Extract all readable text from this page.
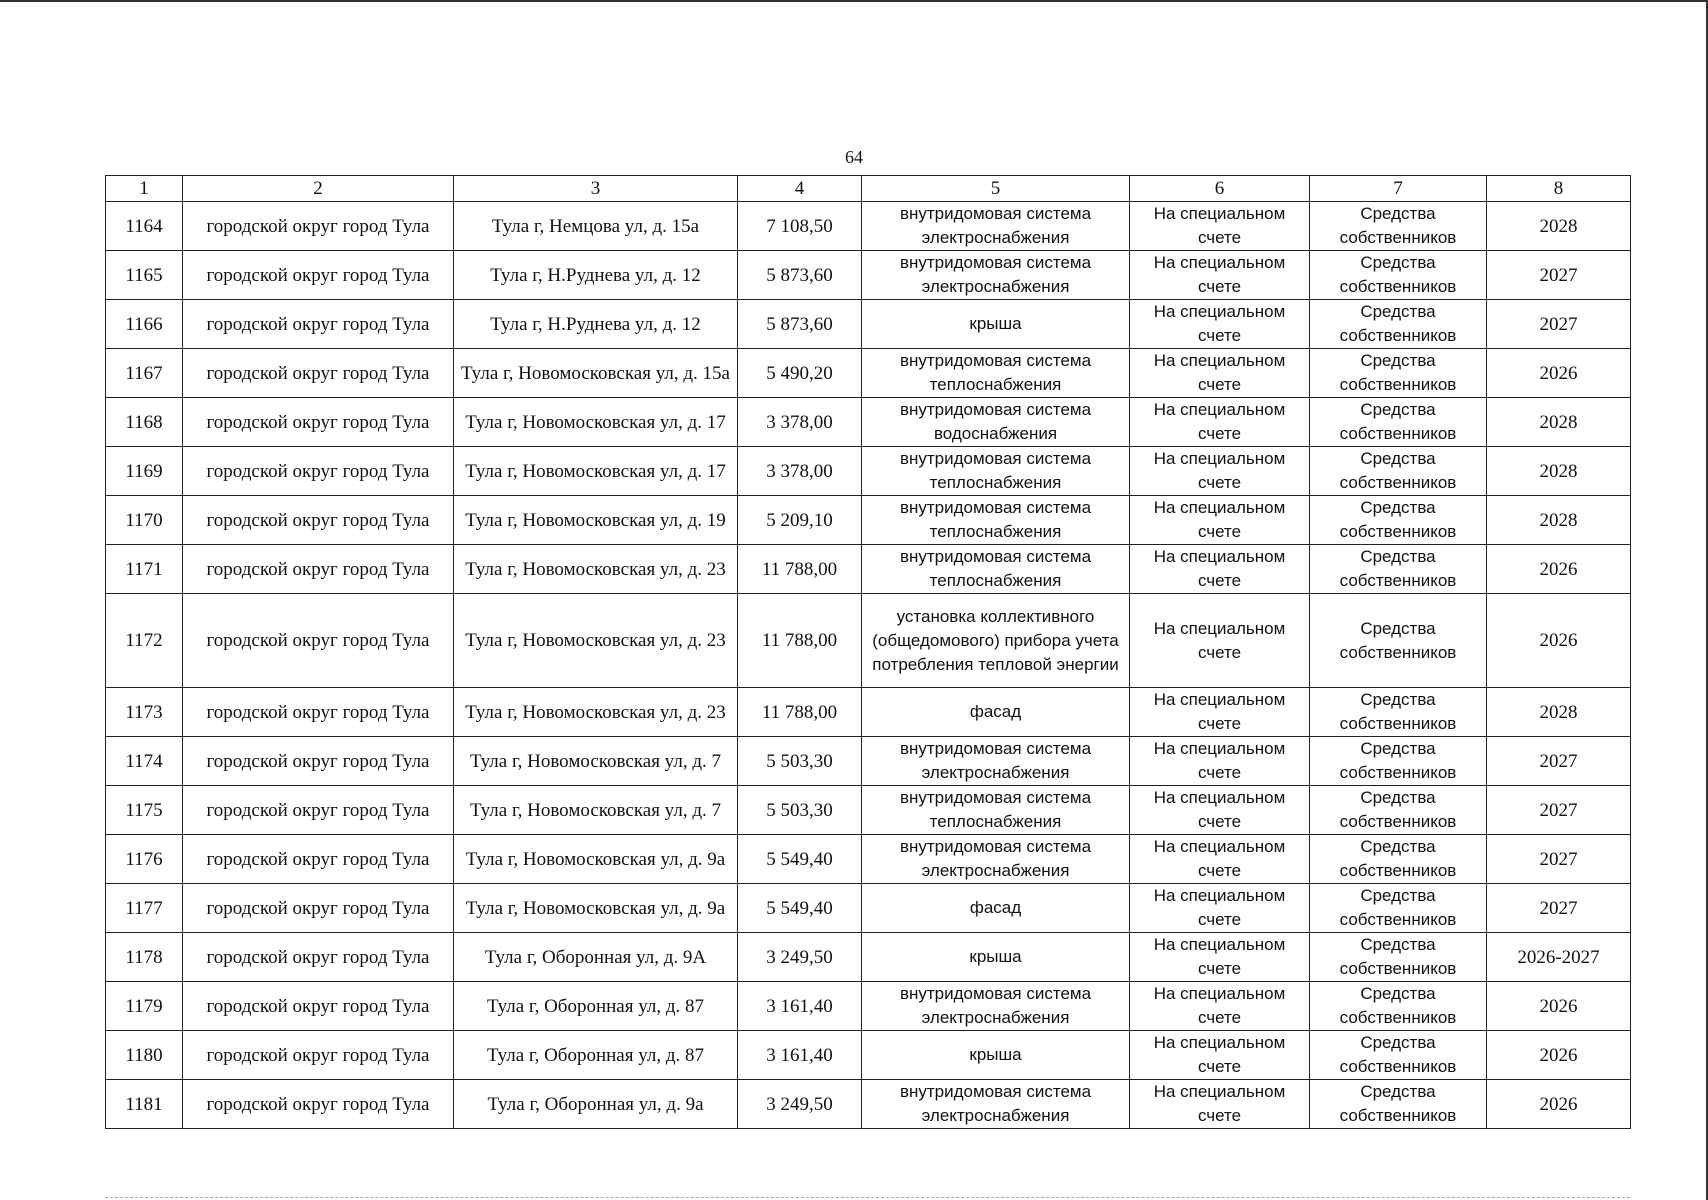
64
1	2	3	4	5	6	7	8
1164	городской округ город Тула	Тула г, Немцова ул, д. 15а	7 108,50	внутридомовая система электроснабжения	На специальном счете	Средства собственников	2028
1165	городской округ город Тула	Тула г, Н.Руднева ул, д. 12	5 873,60	внутридомовая система электроснабжения	На специальном счете	Средства собственников	2027
1166	городской округ город Тула	Тула г, Н.Руднева ул, д. 12	5 873,60	крыша	На специальном счете	Средства собственников	2027
1167	городской округ город Тула	Тула г, Новомосковская ул, д. 15а	5 490,20	внутридомовая система теплоснабжения	На специальном счете	Средства собственников	2026
1168	городской округ город Тула	Тула г, Новомосковская ул, д. 17	3 378,00	внутридомовая система водоснабжения	На специальном счете	Средства собственников	2028
1169	городской округ город Тула	Тула г, Новомосковская ул, д. 17	3 378,00	внутридомовая система теплоснабжения	На специальном счете	Средства собственников	2028
1170	городской округ город Тула	Тула г, Новомосковская ул, д. 19	5 209,10	внутридомовая система теплоснабжения	На специальном счете	Средства собственников	2028
1171	городской округ город Тула	Тула г, Новомосковская ул, д. 23	11 788,00	внутридомовая система теплоснабжения	На специальном счете	Средства собственников	2026
1172	городской округ город Тула	Тула г, Новомосковская ул, д. 23	11 788,00	установка коллективного (общедомового) прибора учета потребления тепловой энергии	На специальном счете	Средства собственников	2026
1173	городской округ город Тула	Тула г, Новомосковская ул, д. 23	11 788,00	фасад	На специальном счете	Средства собственников	2028
1174	городской округ город Тула	Тула г, Новомосковская ул, д. 7	5 503,30	внутридомовая система электроснабжения	На специальном счете	Средства собственников	2027
1175	городской округ город Тула	Тула г, Новомосковская ул, д. 7	5 503,30	внутридомовая система теплоснабжения	На специальном счете	Средства собственников	2027
1176	городской округ город Тула	Тула г, Новомосковская ул, д. 9а	5 549,40	внутридомовая система электроснабжения	На специальном счете	Средства собственников	2027
1177	городской округ город Тула	Тула г, Новомосковская ул, д. 9а	5 549,40	фасад	На специальном счете	Средства собственников	2027
1178	городской округ город Тула	Тула г, Оборонная ул, д. 9А	3 249,50	крыша	На специальном счете	Средства собственников	2026-2027
1179	городской округ город Тула	Тула г, Оборонная ул, д. 87	3 161,40	внутридомовая система электроснабжения	На специальном счете	Средства собственников	2026
1180	городской округ город Тула	Тула г, Оборонная ул, д. 87	3 161,40	крыша	На специальном счете	Средства собственников	2026
1181	городской округ город Тула	Тула г, Оборонная ул, д. 9а	3 249,50	внутридомовая система электроснабжения	На специальном счете	Средства собственников	2026
